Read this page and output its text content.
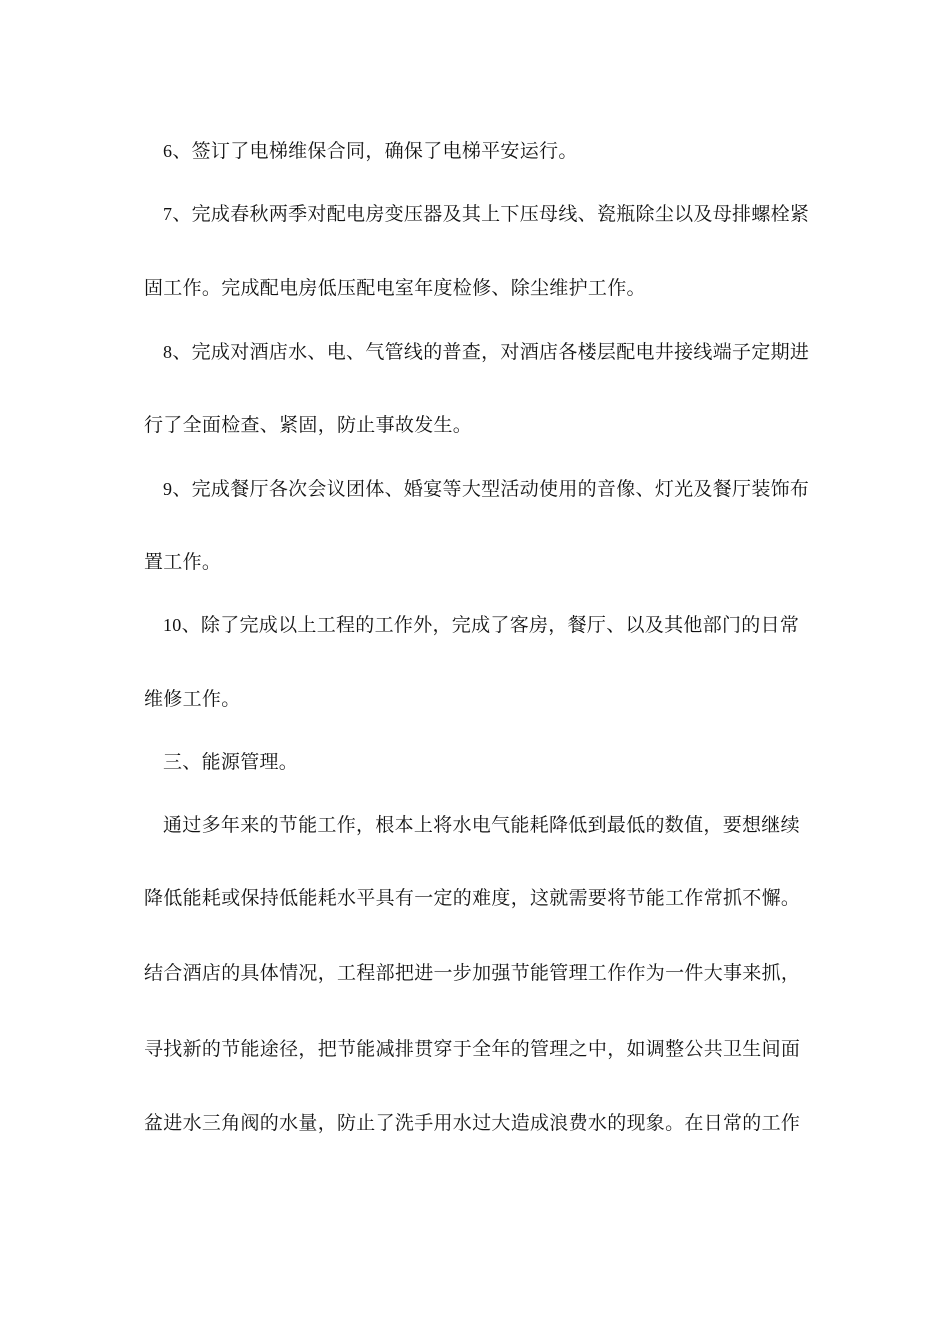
6、签订了电梯维保合同，确保了电梯平安运行。
7、完成春秋两季对配电房变压器及其上下压母线、瓷瓶除尘以及母排螺栓紧
固工作。完成配电房低压配电室年度检修、除尘维护工作。
8、完成对酒店水、电、气管线的普查，对酒店各楼层配电井接线端子定期进
行了全面检查、紧固，防止事故发生。
9、完成餐厅各次会议团体、婚宴等大型活动使用的音像、灯光及餐厅装饰布
置工作。
10、除了完成以上工程的工作外，完成了客房，餐厅、以及其他部门的日常
维修工作。
三、能源管理。
通过多年来的节能工作，根本上将水电气能耗降低到最低的数值，要想继续
降低能耗或保持低能耗水平具有一定的难度，这就需要将节能工作常抓不懈。
结合酒店的具体情况，工程部把进一步加强节能管理工作作为一件大事来抓，
寻找新的节能途径，把节能减排贯穿于全年的管理之中，如调整公共卫生间面
盆进水三角阀的水量，防止了洗手用水过大造成浪费水的现象。在日常的工作
